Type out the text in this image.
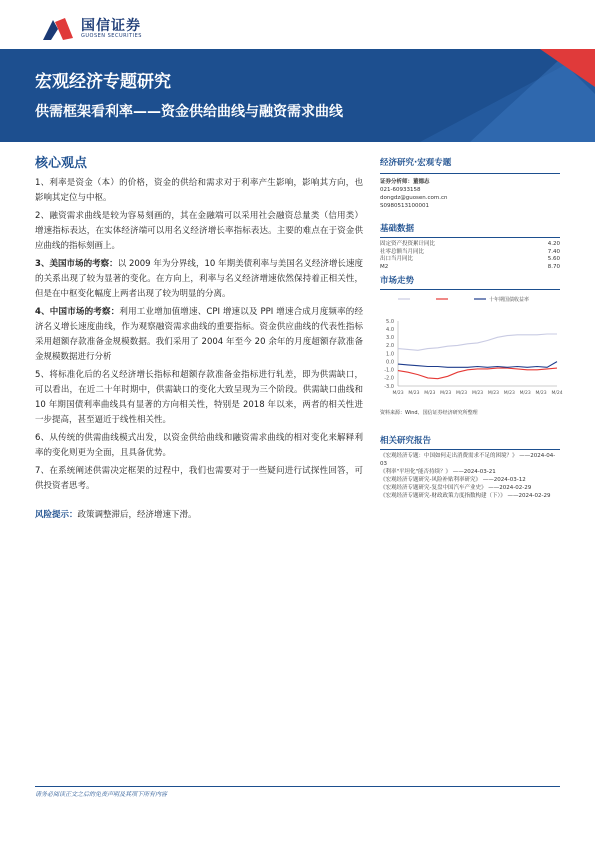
国信证券
GUOSEN SECURITIES
宏观经济专题研究
供需框架看利率——资金供给曲线与融资需求曲线
核心观点
1、利率是资金（本）的价格，资金的供给和需求对于利率产生影响，影响其方向，也影响其定位与中枢。
2、融资需求曲线是较为容易刻画的，其在金融端可以采用社会融资总量类（信用类）增速指标表达，在实体经济端可以用名义经济增长率指标表达。主要的难点在于资金供应曲线的指标刻画上。
3、美国市场的考察：以 2009 年为分界线，10 年期美债利率与美国名义经济增长速度的关系出现了较为显著的变化。在方向上，利率与名义经济增速依然保持着正相关性，但是在中枢变化幅度上两者出现了较为明显的分离。
4、中国市场的考察：利用工业增加值增速、CPI 增速以及 PPI 增速合成月度频率的经济名义增长速度曲线，作为观察融资需求曲线的重要指标。资金供应曲线的代表性指标采用超额存款准备金规模数据。我们采用了 2004 年至今 20 余年的月度超额存款准备金规模数据进行分析
5、将标准化后的名义经济增长指标和超额存款准备金指标进行轧差，即为供需缺口，可以看出，在近二十年时期中，供需缺口的变化大致呈现为三个阶段。供需缺口曲线和 10 年期国债利率曲线具有显著的方向相关性，特别是 2018 年以来，两者的相关性进一步提高，甚至逼近于线性相关性。
6、从传统的供需曲线模式出发，以资金供给曲线和融资需求曲线的相对变化来解释利率的变化则更为全面，且具备优势。
7、在系统阐述供需决定框架的过程中，我们也需要对于一些疑问进行试探性回答，可供投资者思考。
风险提示：政策调整滞后，经济增速下滑。
经济研究·宏观专题
证券分析师：董德志
021-60933158
dongdz@guosen.com.cn
S0980513100001
基础数据
固定资产投资累计同比	4.20
社零总额当月同比	7.40
出口当月同比	5.60
M2	8.70
市场走势
十年期国债收益率
5.0
4.0
3.0
2.0
1.0
0.0
-1.0
-2.0
-3.0
M/23 M/23 M/23 M/23 M/23 M/23 M/23 M/23 M/23 M/23 M/24
资料来源：Wind、国信证券经济研究所整理
相关研究报告
《宏观经济专题：中国如何走出消费需求不足的困境？》 ——2024-04-03
《利率"平坦化"能否持续？》 ——2024-03-21
《宏观经济专题研究-风险补贴利率研究》 ——2024-03-12
《宏观经济专题研究-复盘中国汽车产业史》 ——2024-02-29
《宏观经济专题研究-财政政策力度指数构建（下）》 ——2024-02-29
请务必阅读正文之后的免责声明及其项下所有内容
